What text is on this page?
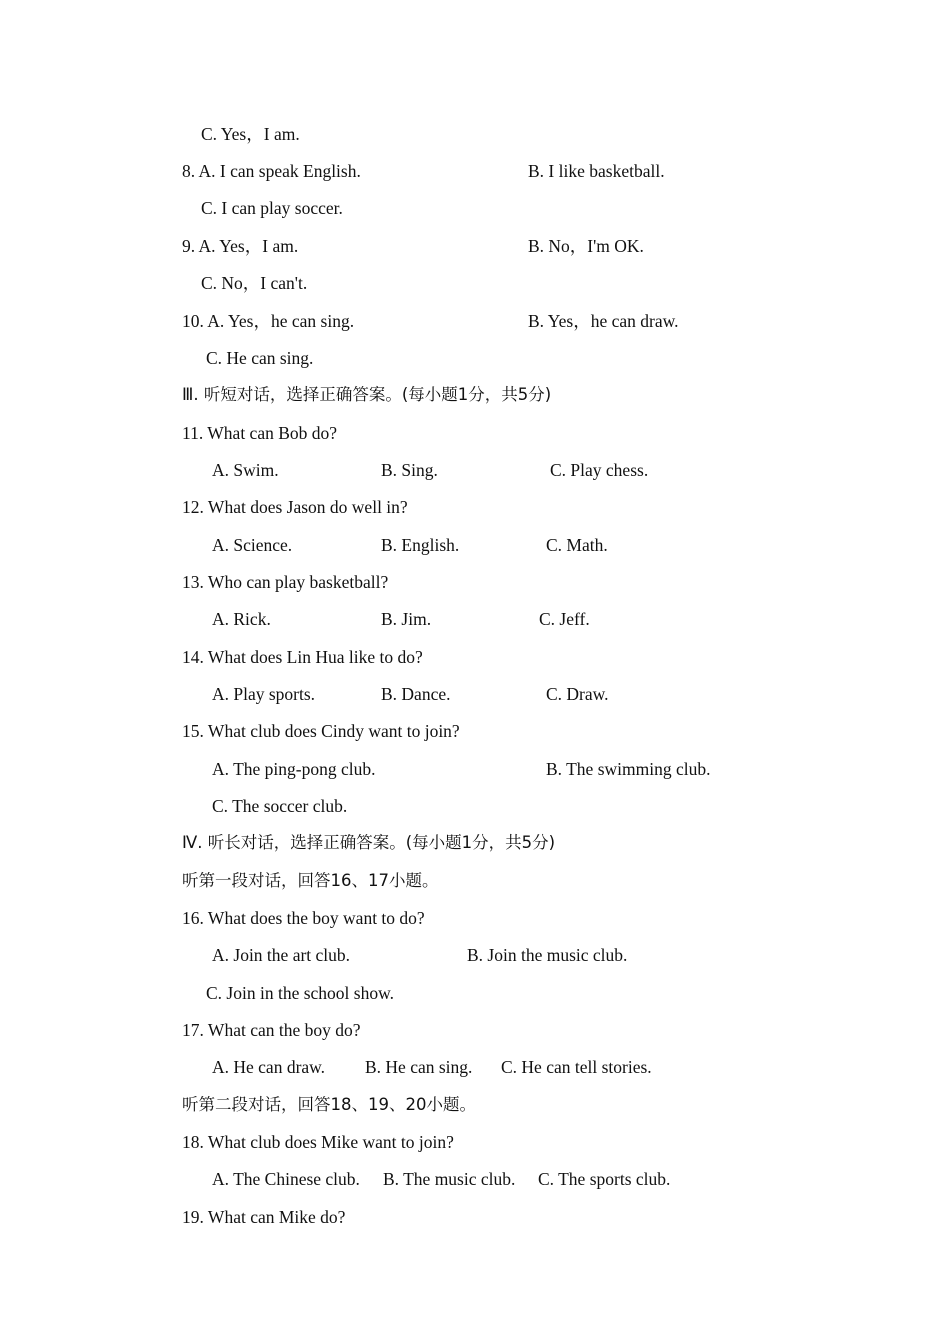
C. Yes，I am.
8. A. I can speak English.	B. I like basketball.
C. I can play soccer.
9. A. Yes，I am.	B. No，I'm OK.
C. No，I can't.
10. A. Yes，he can sing.	B. Yes，he can draw.
C. He can sing.
Ⅲ. 听短对话，选择正确答案。(每小题1分，共5分)
11. What can Bob do?
A. Swim.	B. Sing.	C. Play chess.
12. What does Jason do well in?
A. Science.	B. English.	C. Math.
13. Who can play basketball?
A. Rick.	B. Jim.	C. Jeff.
14. What does Lin Hua like to do?
A. Play sports.	B. Dance.	C. Draw.
15. What club does Cindy want to join?
A. The ping-pong club.	B. The swimming club.
C. The soccer club.
Ⅳ. 听长对话，选择正确答案。(每小题1分，共5分)
听第一段对话，回答16、17小题。
16. What does the boy want to do?
A. Join the art club.	B. Join the music club.
C. Join in the school show.
17. What can the boy do?
A. He can draw. B. He can sing. C. He can tell stories.
听第二段对话，回答18、19、20小题。
18. What club does Mike want to join?
A. The Chinese club. B. The music club. C. The sports club.
19. What can Mike do?
